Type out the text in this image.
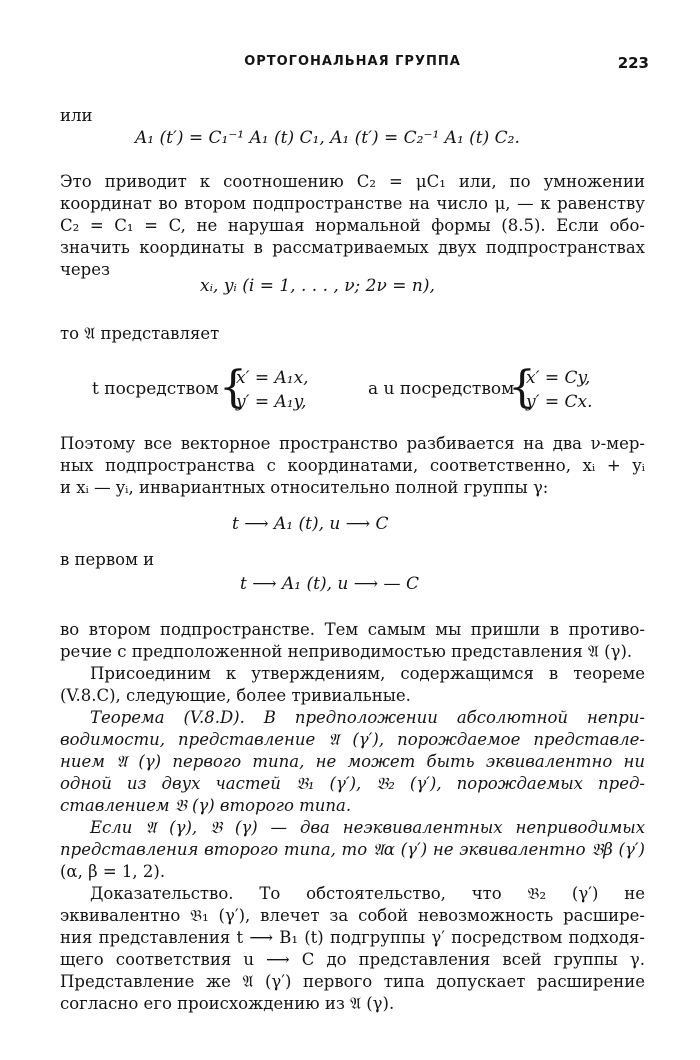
ОРТОГОНАЛЬНАЯ ГРУППА	223
или
A₁ (t′) = C₁⁻¹ A₁ (t) C₁, A₁ (t′) = C₂⁻¹ A₁ (t) C₂.
Это приводит к соотношению C₂ = μC₁ или, по умножении
координат во втором подпространстве на число μ, — к равенству
C₂ = C₁ = C, не нарушая нормальной формы (8.5). Если обо-
значить координаты в рассматриваемых двух подпространствах
через
xᵢ, yᵢ (i = 1, . . . , ν; 2ν = n),
то 𝔄 представляет
t посредством {
x′ = A₁x,
y′ = A₁y,
а u посредством
{
x′ = Cy,
y′ = Cx.
Поэтому все векторное пространство разбивается на два ν-мер-
ных подпространства с координатами, соответственно, xᵢ + yᵢ
и xᵢ — yᵢ, инвариантных относительно полной группы γ:
t ⟶ A₁ (t), u ⟶ C
в первом и
t ⟶ A₁ (t), u ⟶ — C
во втором подпространстве. Тем самым мы пришли в противо-
речие с предположенной неприводимостью представления 𝔄 (γ).
Присоединим к утверждениям, содержащимся в теореме
(V.8.C), следующие, более тривиальные.
Теорема (V.8.D). В предположении абсолютной непри-
водимости, представление 𝔄 (γ′), порождаемое представле-
нием 𝔄 (γ) первого типа, не может быть эквивалентно ни
одной из двух частей 𝔅₁ (γ′), 𝔅₂ (γ′), порождаемых пред-
ставлением 𝔅 (γ) второго типа.
Если 𝔄 (γ), 𝔅 (γ) — два неэквивалентных неприводимых
представления второго типа, то 𝔄α (γ′) не эквивалентно 𝔅β (γ′)
(α, β = 1, 2).
Доказательство. То обстоятельство, что 𝔅₂ (γ′) не
эквивалентно 𝔅₁ (γ′), влечет за собой невозможность расшире-
ния представления t ⟶ B₁ (t) подгруппы γ′ посредством подходя-
щего соответствия u ⟶ C до представления всей группы γ.
Представление же 𝔄 (γ′) первого типа допускает расширение
согласно его происхождению из 𝔄 (γ).
